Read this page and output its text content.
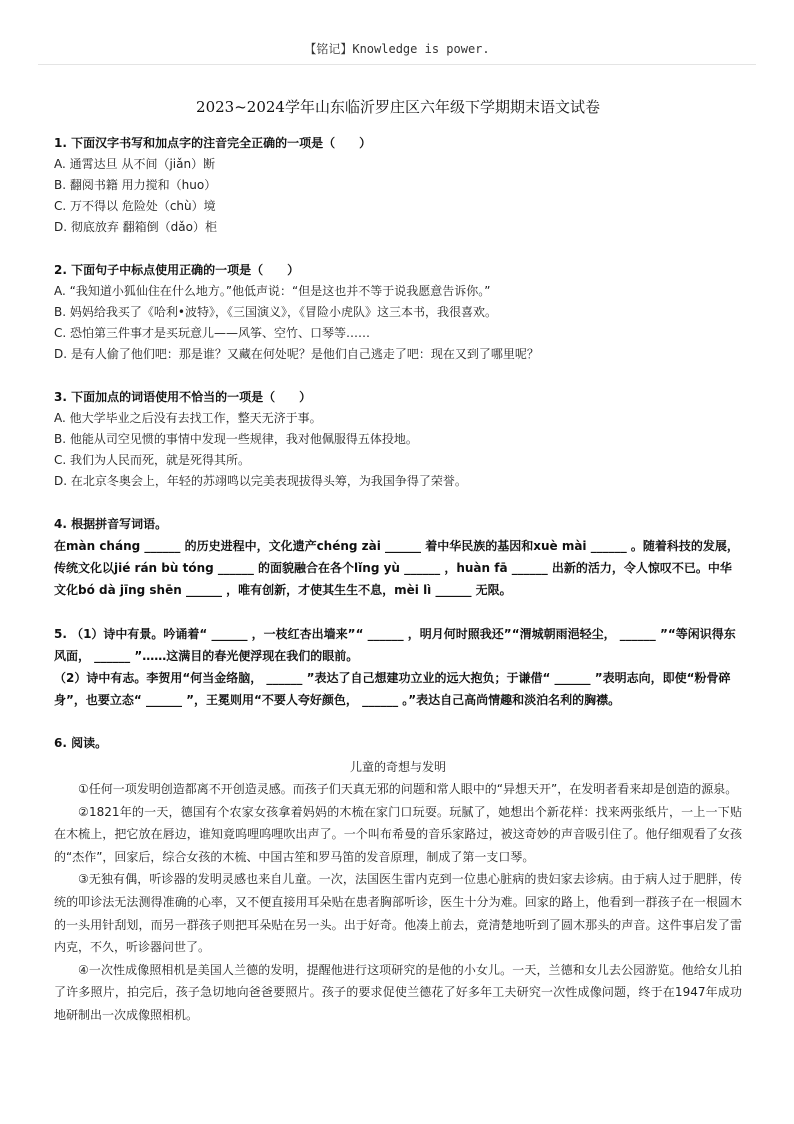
【铭记】Knowledge is power.
2023~2024学年山东临沂罗庄区六年级下学期期末语文试卷
1. 下面汉字书写和加点字的注音完全正确的一项是（　　）
A. 通霄达旦 从不间（jiǎn）断
B. 翻阅书籍 用力搅和（huo）
C. 万不得以 危险处（chù）境
D. 彻底放弃 翻箱倒（dǎo）柜
2. 下面句子中标点使用正确的一项是（　　）
A. “我知道小狐仙住在什么地方。”他低声说：“但是这也并不等于说我愿意告诉你。”
B. 妈妈给我买了《哈利•波特》，《三国演义》，《冒险小虎队》这三本书，我很喜欢。
C. 恐怕第三件事才是买玩意儿——风筝、空竹、口琴等……
D. 是有人偷了他们吧：那是谁？又藏在何处呢？是他们自己逃走了吧：现在又到了哪里呢？
3. 下面加点的词语使用不恰当的一项是（　　）
A. 他大学毕业之后没有去找工作，整天无济于事。
B. 他能从司空见惯的事情中发现一些规律，我对他佩服得五体投地。
C. 我们为人民而死，就是死得其所。
D. 在北京冬奥会上，年轻的苏翊鸣以完美表现拔得头筹，为我国争得了荣誉。
4. 根据拼音写词语。
在màn cháng ______ 的历史进程中，文化遗产chéng zài ______ 着中华民族的基因和xuè mài ______ 。随着科技的发展，传统文化以jié rán bù tóng ______ 的面貌融合在各个lǐng yù ______ ，huàn fā ______ 出新的活力，令人惊叹不已。中华文化bó dà jīng shēn ______ ，唯有创新，才使其生生不息，mèi lì ______ 无限。
5. （1）诗中有景。吟诵着“ ______ ，一枝红杏出墙来”“ ______ ，明月何时照我还”“渭城朝雨浥轻尘， ______ ”“等闲识得东风面， ______ ”……这满目的春光便浮现在我们的眼前。
（2）诗中有志。李贺用“何当金络脑， ______ ”表达了自己想建功立业的远大抱负；于谦借“ ______ ”表明志向，即使“粉骨碎身”，也要立态“ ______ ”，王冕则用“不要人夸好颜色， ______ 。”表达自己高尚情趣和淡泊名利的胸襟。
6. 阅读。
儿童的奇想与发明
①任何一项发明创造都离不开创造灵感。而孩子们天真无邪的问题和常人眼中的“异想天开”，在发明者看来却是创造的源泉。
②1821年的一天，德国有个农家女孩拿着妈妈的木梳在家门口玩耍。玩腻了，她想出个新花样：找来两张纸片，一上一下贴在木梳上，把它放在唇边，谁知竟呜哩呜哩吹出声了。一个叫布希曼的音乐家路过，被这奇妙的声音吸引住了。他仔细观看了女孩的“杰作”，回家后，综合女孩的木梳、中国古笙和罗马笛的发音原理，制成了第一支口琴。
③无独有偶，听诊器的发明灵感也来自儿童。一次，法国医生雷内克到一位患心脏病的贵妇家去诊病。由于病人过于肥胖，传统的叩诊法无法测得准确的心率，又不便直接用耳朵贴在患者胸部听诊，医生十分为难。回家的路上，他看到一群孩子在一根圆木的一头用针刮划，而另一群孩子则把耳朵贴在另一头。出于好奇。他凑上前去，竟清楚地听到了圆木那头的声音。这件事启发了雷内克，不久，听诊器问世了。
④一次性成像照相机是美国人兰德的发明，提醒他进行这项研究的是他的小女儿。一天，兰德和女儿去公园游览。他给女儿拍了许多照片，拍完后，孩子急切地向爸爸要照片。孩子的要求促使兰德花了好多年工夫研究一次性成像问题，终于在1947年成功地研制出一次成像照相机。
